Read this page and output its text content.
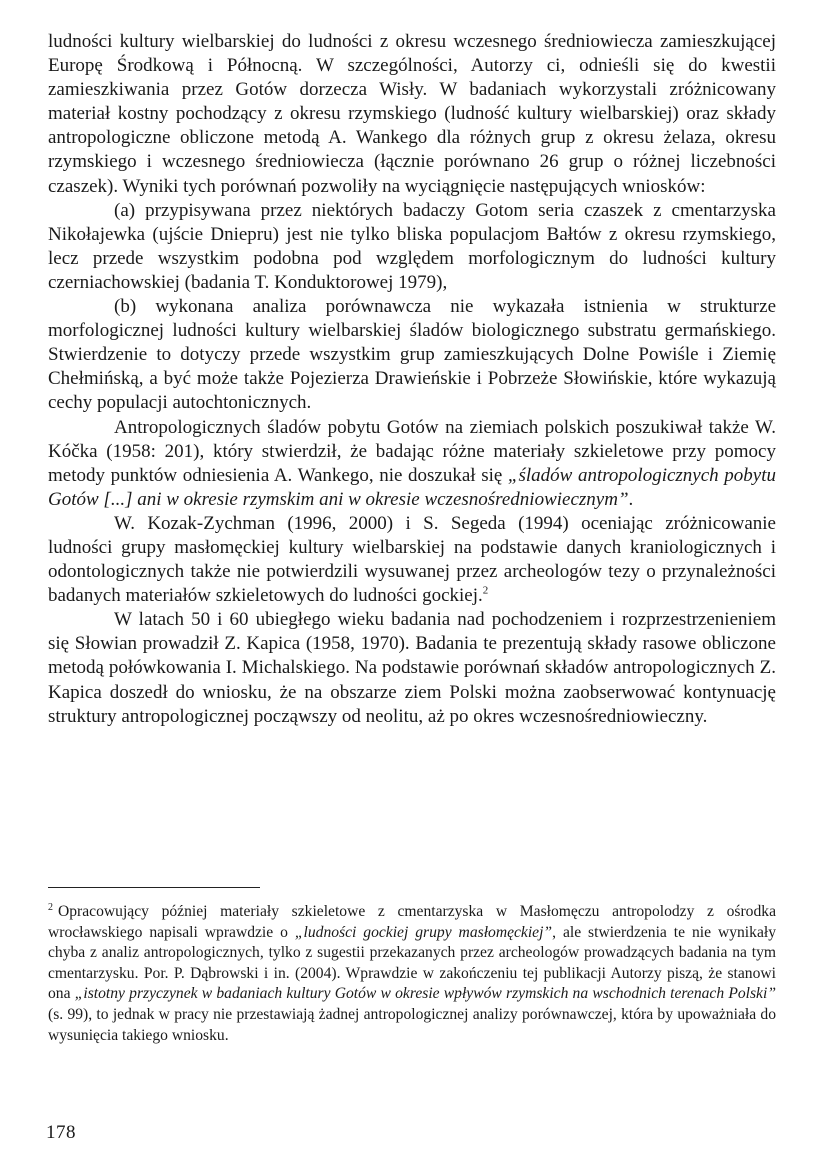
ludności kultury wielbarskiej do ludności z okresu wczesnego średniowiecza zamieszkującej Europę Środkową i Północną. W szczególności, Autorzy ci, odnieśli się do kwestii zamieszkiwania przez Gotów dorzecza Wisły. W badaniach wykorzystali zróżnicowany materiał kostny pochodzący z okresu rzymskiego (ludność kultury wielbarskiej) oraz składy antropologiczne obliczone metodą A. Wankego dla różnych grup z okresu żelaza, okresu rzymskiego i wczesnego średniowiecza (łącznie porównano 26 grup o różnej liczebności czaszek). Wyniki tych porównań pozwoliły na wyciągnięcie następujących wniosków:

(a) przypisywana przez niektórych badaczy Gotom seria czaszek z cmentarzyska Nikołajewka (ujście Dniepru) jest nie tylko bliska populacjom Bałtów z okresu rzymskiego, lecz przede wszystkim podobna pod względem morfologicznym do ludności kultury czerniachowskiej (badania T. Konduktorowej 1979),

(b) wykonana analiza porównawcza nie wykazała istnienia w strukturze morfologicznej ludności kultury wielbarskiej śladów biologicznego substratu germańskiego. Stwierdzenie to dotyczy przede wszystkim grup zamieszkujących Dolne Powiśle i Ziemię Chełmińską, a być może także Pojezierza Drawieńskie i Pobrzeże Słowińskie, które wykazują cechy populacji autochtonicznych.

Antropologicznych śladów pobytu Gotów na ziemiach polskich poszukiwał także W. Kóčka (1958: 201), który stwierdził, że badając różne materiały szkieletowe przy pomocy metody punktów odniesienia A. Wankego, nie doszukał się „śladów antropologicznych pobytu Gotów [...] ani w okresie rzymskim ani w okresie wczesnośredniowiecznym”.

W. Kozak-Zychman (1996, 2000) i S. Segeda (1994) oceniając zróżnicowanie ludności grupy masłomęckiej kultury wielbarskiej na podstawie danych kraniologicznych i odontologicznych także nie potwierdzili wysuwanej przez archeologów tezy o przynależności badanych materiałów szkieletowych do ludności gockiej.$^2$

W latach 50 i 60 ubiegłego wieku badania nad pochodzeniem i rozprzestrzenieniem się Słowian prowadził Z. Kapica (1958, 1970). Badania te prezentują składy rasowe obliczone metodą połówkowania I. Michalskiego. Na podstawie porównań składów antropologicznych Z. Kapica doszedł do wniosku, że na obszarze ziem Polski można zaobserwować kontynuację struktury antropologicznej począwszy od neolitu, aż po okres wczesnośredniowieczny.

$^2$ Opracowujący później materiały szkieletowe z cmentarzyska w Masłomęczu antropolodzy z ośrodka wrocławskiego napisali wprawdzie o „ludności gockiej grupy masłomęckiej”, ale stwierdzenia te nie wynikały chyba z analiz antropologicznych, tylko z sugestii przekazanych przez archeologów prowadzących badania na tym cmentarzysku. Por. P. Dąbrowski i in. (2004). Wprawdzie w zakończeniu tej publikacji Autorzy piszą, że stanowi ona „istotny przyczynek w badaniach kultury Gotów w okresie wpływów rzymskich na wschodnich terenach Polski” (s. 99), to jednak w pracy nie przestawiają żadnej antropologicznej analizy porównawczej, która by upoważniała do wysunięcia takiego wniosku.

178
